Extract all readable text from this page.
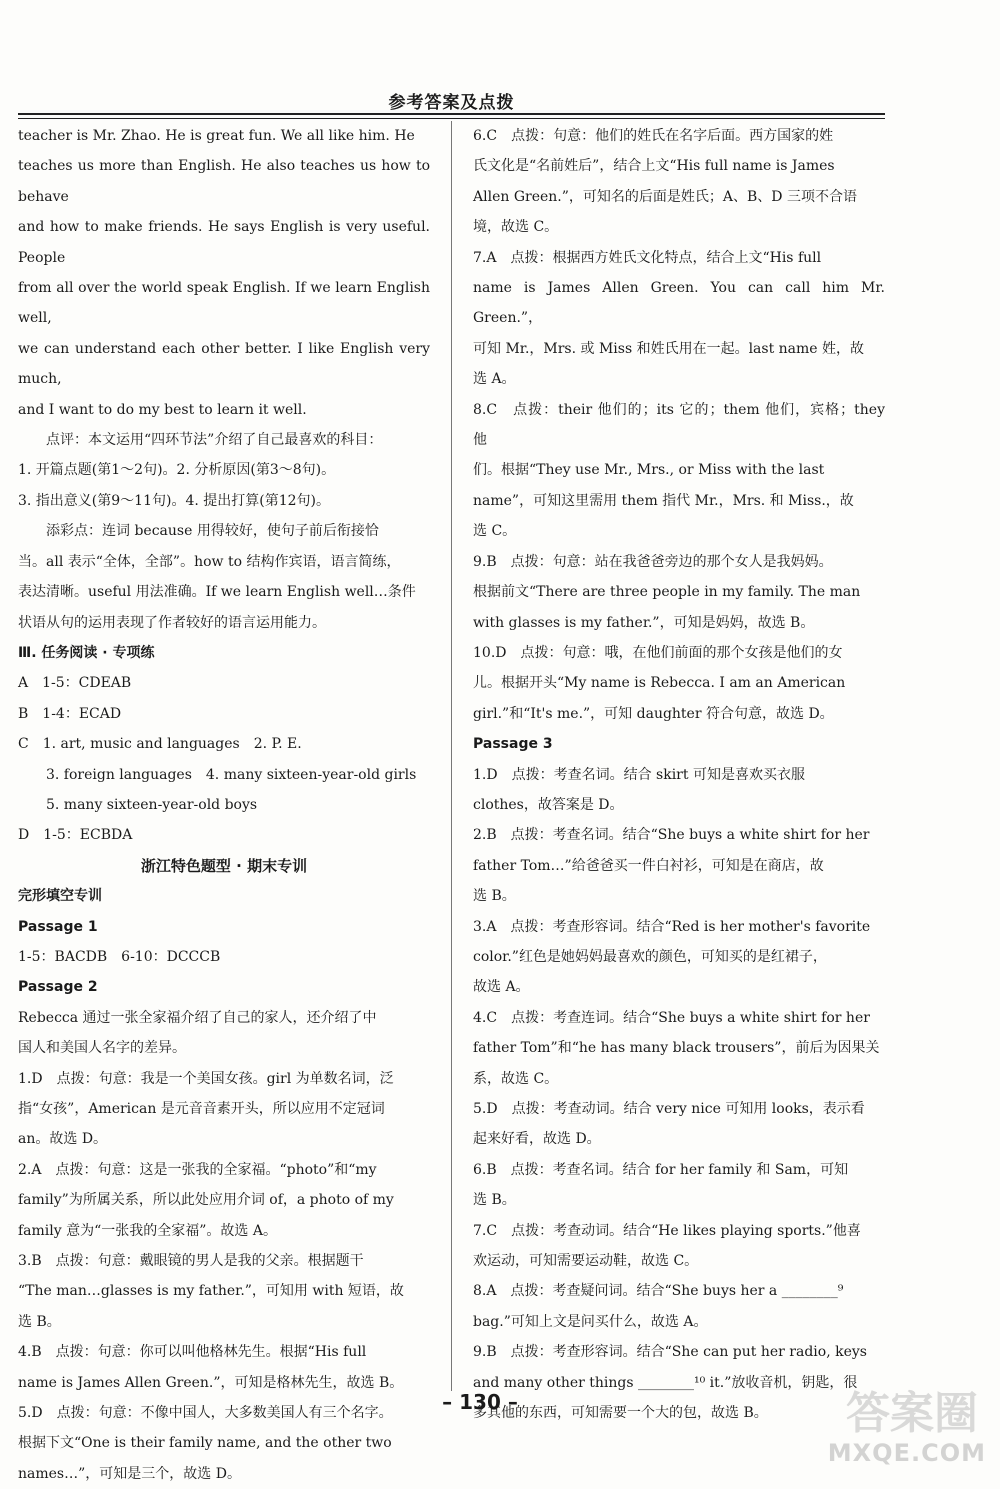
参考答案及点拨

teacher is Mr. Zhao. He is great fun. We all like him. He

teaches us more than English. He also teaches us how to behave

and how to make friends. He says English is very useful. People

from all over the world speak English. If we learn English well,

we can understand each other better. I like English very much,

and I want to do my best to learn it well.

点评：本文运用“四环节法”介绍了自己最喜欢的科目：

1. 开篇点题(第1～2句)。2. 分析原因(第3～8句)。

3. 指出意义(第9～11句)。4. 提出打算(第12句)。

添彩点：连词 because 用得较好，使句子前后衔接恰

当。all 表示“全体，全部”。how to 结构作宾语，语言简练，

表达清晰。useful 用法准确。If we learn English well…条件

状语从句的运用表现了作者较好的语言运用能力。

Ⅲ. 任务阅读 · 专项练

A　1-5：CDEAB

B　1-4：ECAD

C　1. art, music and languages　2. P. E.

3. foreign languages　4. many sixteen-year-old girls

5. many sixteen-year-old boys

D　1-5：ECBDA

浙江特色题型 · 期末专训

完形填空专训

Passage 1

1-5：BACDB　6-10：DCCCB

Passage 2

Rebecca 通过一张全家福介绍了自己的家人，还介绍了中

国人和美国人名字的差异。

1.D　点拨：句意：我是一个美国女孩。girl 为单数名词，泛

指“女孩”，American 是元音音素开头，所以应用不定冠词

an。故选 D。

2.A　点拨：句意：这是一张我的全家福。“photo”和“my

family”为所属关系，所以此处应用介词 of，a photo of my

family 意为“一张我的全家福”。故选 A。

3.B　点拨：句意：戴眼镜的男人是我的父亲。根据题干

“The man…glasses is my father.”，可知用 with 短语，故

选 B。

4.B　点拨：句意：你可以叫他格林先生。根据“His full

name is James Allen Green.”，可知是格林先生，故选 B。

5.D　点拨：句意：不像中国人，大多数美国人有三个名字。

根据下文“One is their family name, and the other two

names…”，可知是三个，故选 D。

6.C　点拨：句意：他们的姓氏在名字后面。西方国家的姓

氏文化是“名前姓后”，结合上文“His full name is James

Allen Green.”，可知名的后面是姓氏；A、B、D 三项不合语

境，故选 C。

7.A　点拨：根据西方姓氏文化特点，结合上文“His full

name is James Allen Green. You can call him Mr. Green.”，

可知 Mr.，Mrs. 或 Miss 和姓氏用在一起。last name 姓，故

选 A。

8.C　点拨：their 他们的；its 它的；them 他们，宾格；they 他

们。根据“They use Mr., Mrs., or Miss with the last

name”，可知这里需用 them 指代 Mr.，Mrs. 和 Miss.，故

选 C。

9.B　点拨：句意：站在我爸爸旁边的那个女人是我妈妈。

根据前文“There are three people in my family. The man

with glasses is my father.”，可知是妈妈，故选 B。

10.D　点拨：句意：哦，在他们前面的那个女孩是他们的女

儿。根据开头“My name is Rebecca. I am an American

girl.”和“It's me.”，可知 daughter 符合句意，故选 D。

Passage 3

1.D　点拨：考查名词。结合 skirt 可知是喜欢买衣服

clothes，故答案是 D。

2.B　点拨：考查名词。结合“She buys a white shirt for her

father Tom…”给爸爸买一件白衬衫，可知是在商店，故

选 B。

3.A　点拨：考查形容词。结合“Red is her mother's favorite

color.”红色是她妈妈最喜欢的颜色，可知买的是红裙子，

故选 A。

4.C　点拨：考查连词。结合“She buys a white shirt for her

father Tom”和“he has many black trousers”，前后为因果关

系，故选 C。

5.D　点拨：考查动词。结合 very nice 可知用 looks，表示看

起来好看，故选 D。

6.B　点拨：考查名词。结合 for her family 和 Sam，可知

选 B。

7.C　点拨：考查动词。结合“He likes playing sports.”他喜

欢运动，可知需要运动鞋，故选 C。

8.A　点拨：考查疑问词。结合“She buys her a ________⁹

bag.”可知上文是问买什么，故选 A。

9.B　点拨：考查形容词。结合“She can put her radio, keys

and many other things ________¹⁰ it.”放收音机，钥匙，很

多其他的东西，可知需要一个大的包，故选 B。

– 130 –	答案圈
MXQE.COM
